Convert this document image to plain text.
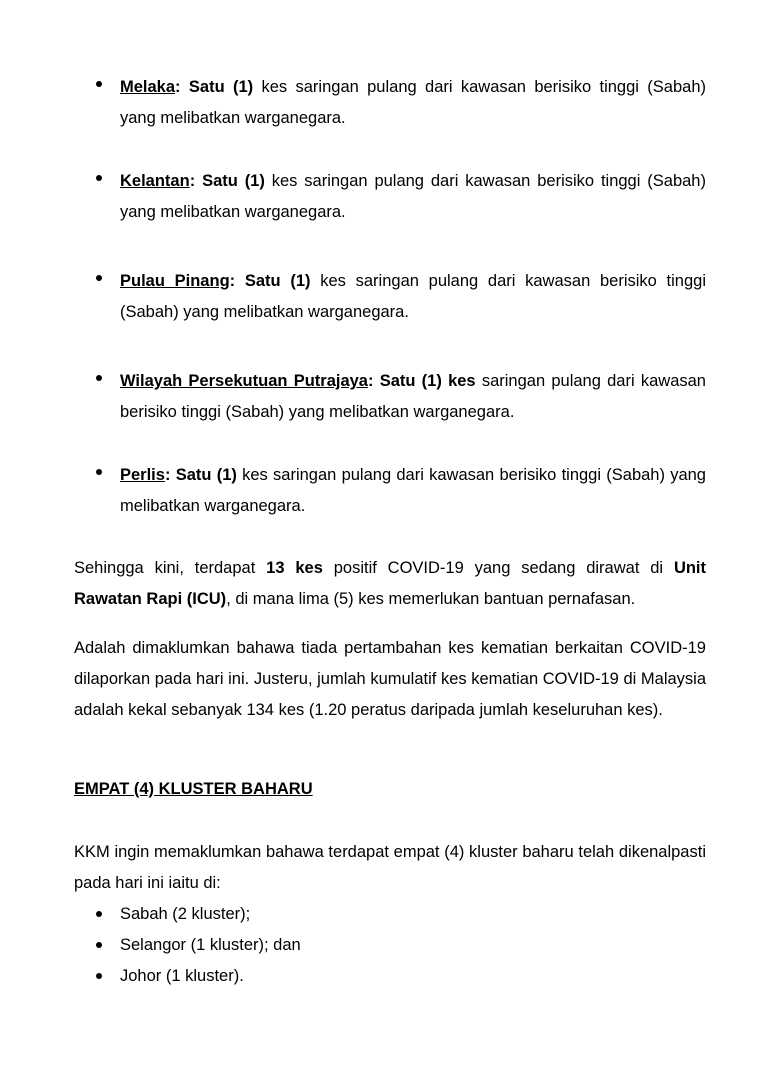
Melaka: Satu (1) kes saringan pulang dari kawasan berisiko tinggi (Sabah) yang melibatkan warganegara.
Kelantan: Satu (1) kes saringan pulang dari kawasan berisiko tinggi (Sabah) yang melibatkan warganegara.
Pulau Pinang: Satu (1) kes saringan pulang dari kawasan berisiko tinggi (Sabah) yang melibatkan warganegara.
Wilayah Persekutuan Putrajaya: Satu (1) kes saringan pulang dari kawasan berisiko tinggi (Sabah) yang melibatkan warganegara.
Perlis: Satu (1) kes saringan pulang dari kawasan berisiko tinggi (Sabah) yang melibatkan warganegara.

Sehingga kini, terdapat 13 kes positif COVID-19 yang sedang dirawat di Unit Rawatan Rapi (ICU), di mana lima (5) kes memerlukan bantuan pernafasan.

Adalah dimaklumkan bahawa tiada pertambahan kes kematian berkaitan COVID-19 dilaporkan pada hari ini. Justeru, jumlah kumulatif kes kematian COVID-19 di Malaysia adalah kekal sebanyak 134 kes (1.20 peratus daripada jumlah keseluruhan kes).

EMPAT (4) KLUSTER BAHARU

KKM ingin memaklumkan bahawa terdapat empat (4) kluster baharu telah dikenalpasti pada hari ini iaitu di:

Sabah (2 kluster);
Selangor (1 kluster); dan
Johor (1 kluster).
